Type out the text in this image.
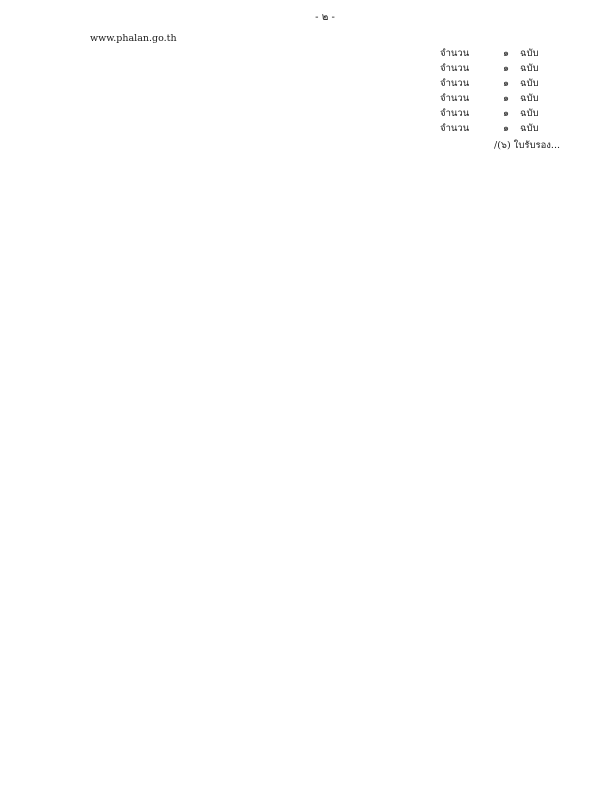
- ๒ -
www.phalan.go.th
จำนวน	๑	ฉบับ
จำนวน	๑	ฉบับ
จำนวน	๑	ฉบับ
จำนวน	๑	ฉบับ
จำนวน	๑	ฉบับ
จำนวน	๑	ฉบับ
/(๖) ใบรับรอง...
